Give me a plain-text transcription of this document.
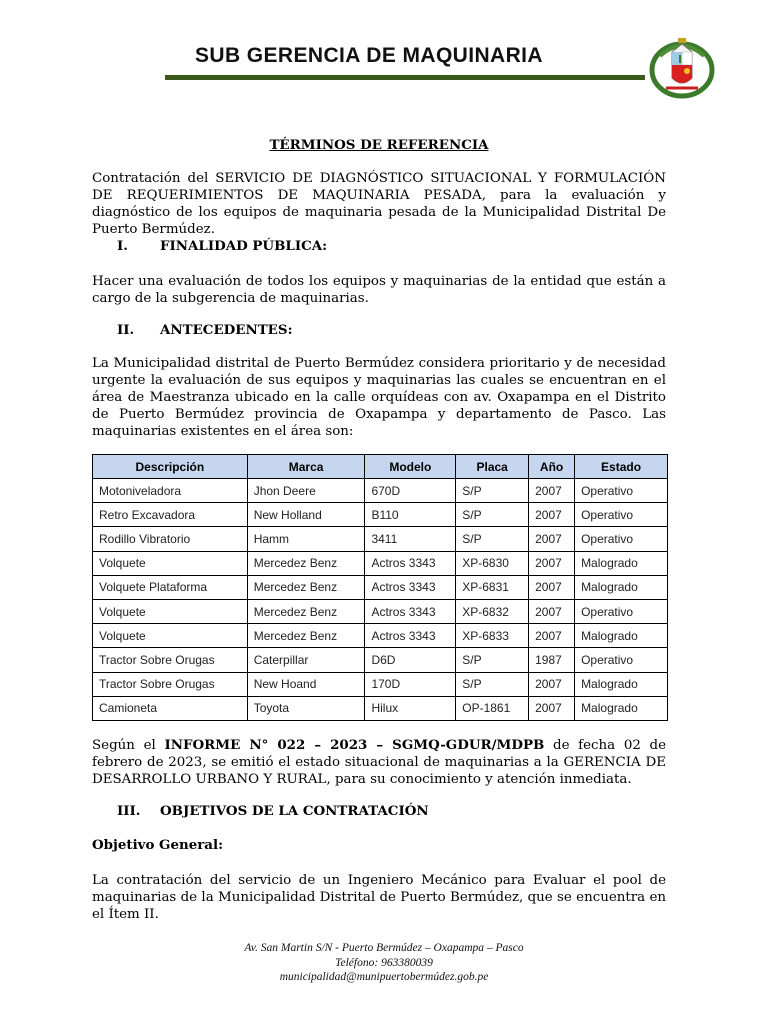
SUB GERENCIA DE MAQUINARIA
TÉRMINOS DE REFERENCIA
Contratación del SERVICIO DE DIAGNÓSTICO SITUACIONAL Y FORMULACIÓN DE REQUERIMIENTOS DE MAQUINARIA PESADA, para la evaluación y diagnóstico de los equipos de maquinaria pesada de la Municipalidad Distrital De Puerto Bermúdez.
I. FINALIDAD PÚBLICA:
Hacer una evaluación de todos los equipos y maquinarias de la entidad que están a cargo de la subgerencia de maquinarias.
II. ANTECEDENTES:
La Municipalidad distrital de Puerto Bermúdez considera prioritario y de necesidad urgente la evaluación de sus equipos y maquinarias las cuales se encuentran en el área de Maestranza ubicado en la calle orquídeas con av. Oxapampa en el Distrito de Puerto Bermúdez provincia de Oxapampa y departamento de Pasco. Las maquinarias existentes en el área son:
Descripción	Marca	Modelo	Placa	Año	Estado
Motoniveladora	Jhon Deere	670D	S/P	2007	Operativo
Retro Excavadora	New Holland	B110	S/P	2007	Operativo
Rodillo Vibratorio	Hamm	3411	S/P	2007	Operativo
Volquete	Mercedez Benz	Actros 3343	XP-6830	2007	Malogrado
Volquete Plataforma	Mercedez Benz	Actros 3343	XP-6831	2007	Malogrado
Volquete	Mercedez Benz	Actros 3343	XP-6832	2007	Operativo
Volquete	Mercedez Benz	Actros 3343	XP-6833	2007	Malogrado
Tractor Sobre Orugas	Caterpillar	D6D	S/P	1987	Operativo
Tractor Sobre Orugas	New Hoand	170D	S/P	2007	Malogrado
Camioneta	Toyota	Hilux	OP-1861	2007	Malogrado
Según el INFORME N° 022 – 2023 – SGMQ-GDUR/MDPB de fecha 02 de febrero de 2023, se emitió el estado situacional de maquinarias a la GERENCIA DE DESARROLLO URBANO Y RURAL, para su conocimiento y atención inmediata.
III. OBJETIVOS DE LA CONTRATACIÓN
Objetivo General:
La contratación del servicio de un Ingeniero Mecánico para Evaluar el pool de maquinarias de la Municipalidad Distrital de Puerto Bermúdez, que se encuentra en el Ítem II.
Av. San Martin S/N - Puerto Bermúdez – Oxapampa – Pasco
Teléfono: 963380039
municipalidad@munipuertobermúdez.gob.pe
